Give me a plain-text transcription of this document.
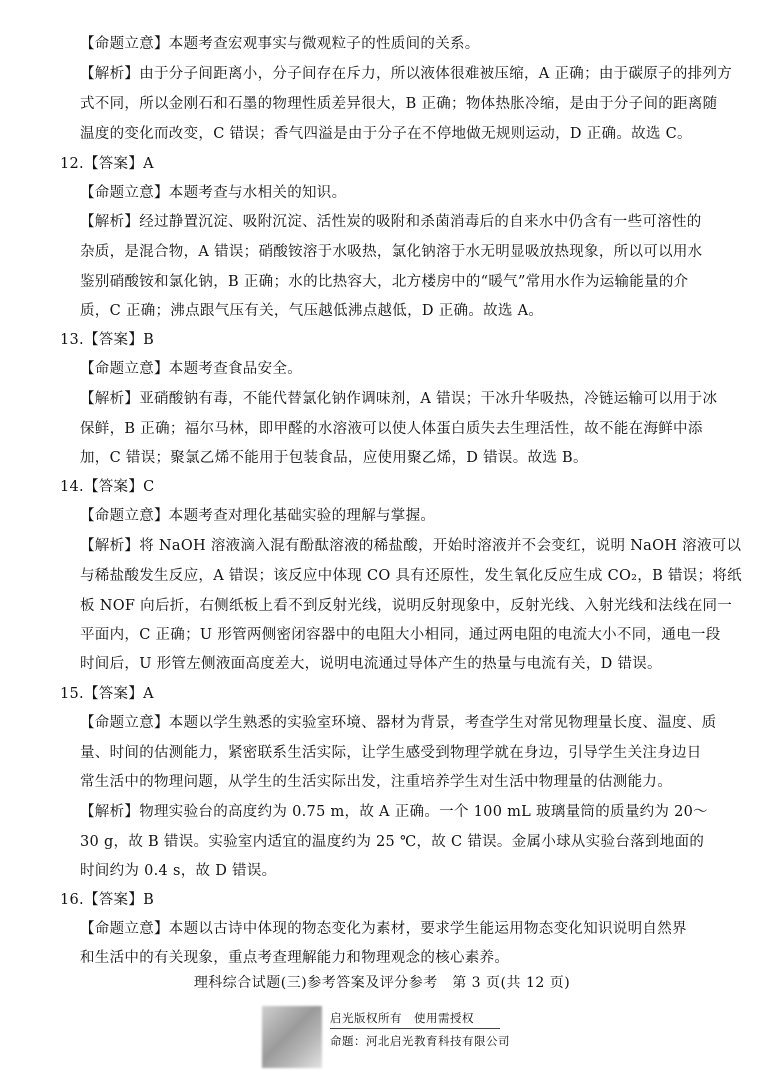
【命题立意】本题考查宏观事实与微观粒子的性质间的关系。
【解析】由于分子间距离小，分子间存在斥力，所以液体很难被压缩，A 正确；由于碳原子的排列方
式不同，所以金刚石和石墨的物理性质差异很大，B 正确；物体热胀冷缩，是由于分子间的距离随
温度的变化而改变，C 错误；香气四溢是由于分子在不停地做无规则运动，D 正确。故选 C。
12.【答案】A
【命题立意】本题考查与水相关的知识。
【解析】经过静置沉淀、吸附沉淀、活性炭的吸附和杀菌消毒后的自来水中仍含有一些可溶性的
杂质，是混合物，A 错误；硝酸铵溶于水吸热，氯化钠溶于水无明显吸放热现象，所以可以用水
鉴别硝酸铵和氯化钠，B 正确；水的比热容大，北方楼房中的“暖气”常用水作为运输能量的介
质，C 正确；沸点跟气压有关，气压越低沸点越低，D 正确。故选 A。
13.【答案】B
【命题立意】本题考查食品安全。
【解析】亚硝酸钠有毒，不能代替氯化钠作调味剂，A 错误；干冰升华吸热，冷链运输可以用于冰
保鲜，B 正确；福尔马林，即甲醛的水溶液可以使人体蛋白质失去生理活性，故不能在海鲜中添
加，C 错误；聚氯乙烯不能用于包装食品，应使用聚乙烯，D 错误。故选 B。
14.【答案】C
【命题立意】本题考查对理化基础实验的理解与掌握。
【解析】将 NaOH 溶液滴入混有酚酞溶液的稀盐酸，开始时溶液并不会变红，说明 NaOH 溶液可以
与稀盐酸发生反应，A 错误；该反应中体现 CO 具有还原性，发生氧化反应生成 CO₂，B 错误；将纸
板 NOF 向后折，右侧纸板上看不到反射光线，说明反射现象中，反射光线、入射光线和法线在同一
平面内，C 正确；U 形管两侧密闭容器中的电阻大小相同，通过两电阻的电流大小不同，通电一段
时间后，U 形管左侧液面高度差大，说明电流通过导体产生的热量与电流有关，D 错误。
15.【答案】A
【命题立意】本题以学生熟悉的实验室环境、器材为背景，考查学生对常见物理量长度、温度、质
量、时间的估测能力，紧密联系生活实际，让学生感受到物理学就在身边，引导学生关注身边日
常生活中的物理问题，从学生的生活实际出发，注重培养学生对生活中物理量的估测能力。
【解析】物理实验台的高度约为 0.75 m，故 A 正确。一个 100 mL 玻璃量筒的质量约为 20～
30 g，故 B 错误。实验室内适宜的温度约为 25 ℃，故 C 错误。金属小球从实验台落到地面的
时间约为 0.4 s，故 D 错误。
16.【答案】B
【命题立意】本题以古诗中体现的物态变化为素材，要求学生能运用物态变化知识说明自然界
和生活中的有关现象，重点考查理解能力和物理观念的核心素养。
理科综合试题(三)参考答案及评分参考　第 3 页(共 12 页)
启光版权所有　使用需授权
命题：河北启光教育科技有限公司
